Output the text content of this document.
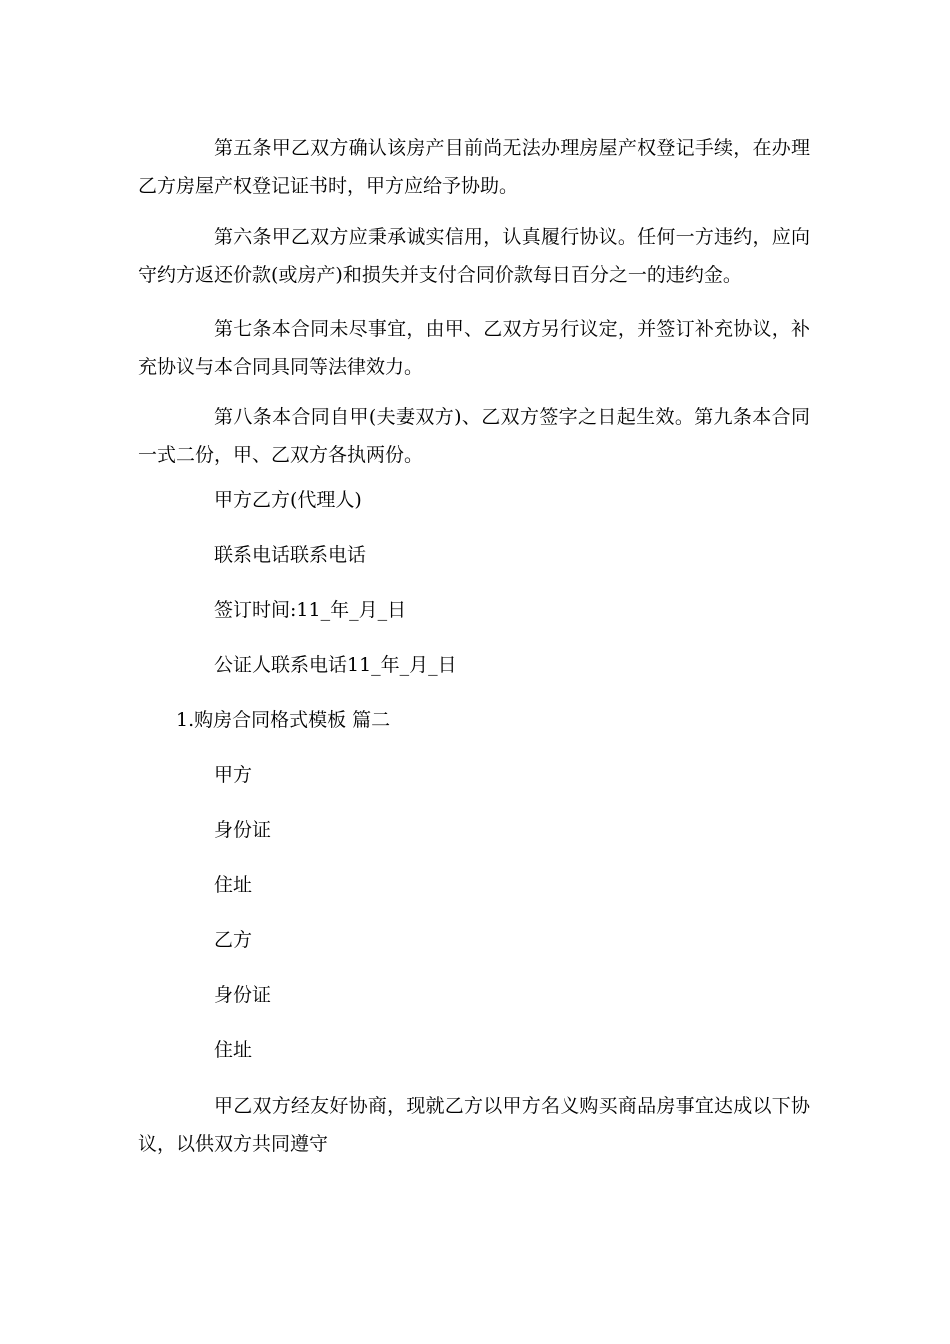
第五条甲乙双方确认该房产目前尚无法办理房屋产权登记手续，在办理乙方房屋产权登记证书时，甲方应给予协助。

第六条甲乙双方应秉承诚实信用，认真履行协议。任何一方违约，应向守约方返还价款(或房产)和损失并支付合同价款每日百分之一的违约金。

第七条本合同未尽事宜，由甲、乙双方另行议定，并签订补充协议，补充协议与本合同具同等法律效力。

第八条本合同自甲(夫妻双方)、乙双方签字之日起生效。第九条本合同一式二份，甲、乙双方各执两份。

甲方乙方(代理人)

联系电话联系电话

签订时间:11_年_月_日

公证人联系电话11_年_月_日

1.购房合同格式模板 篇二

甲方

身份证

住址

乙方

身份证

住址

甲乙双方经友好协商，现就乙方以甲方名义购买商品房事宜达成以下协议，以供双方共同遵守
